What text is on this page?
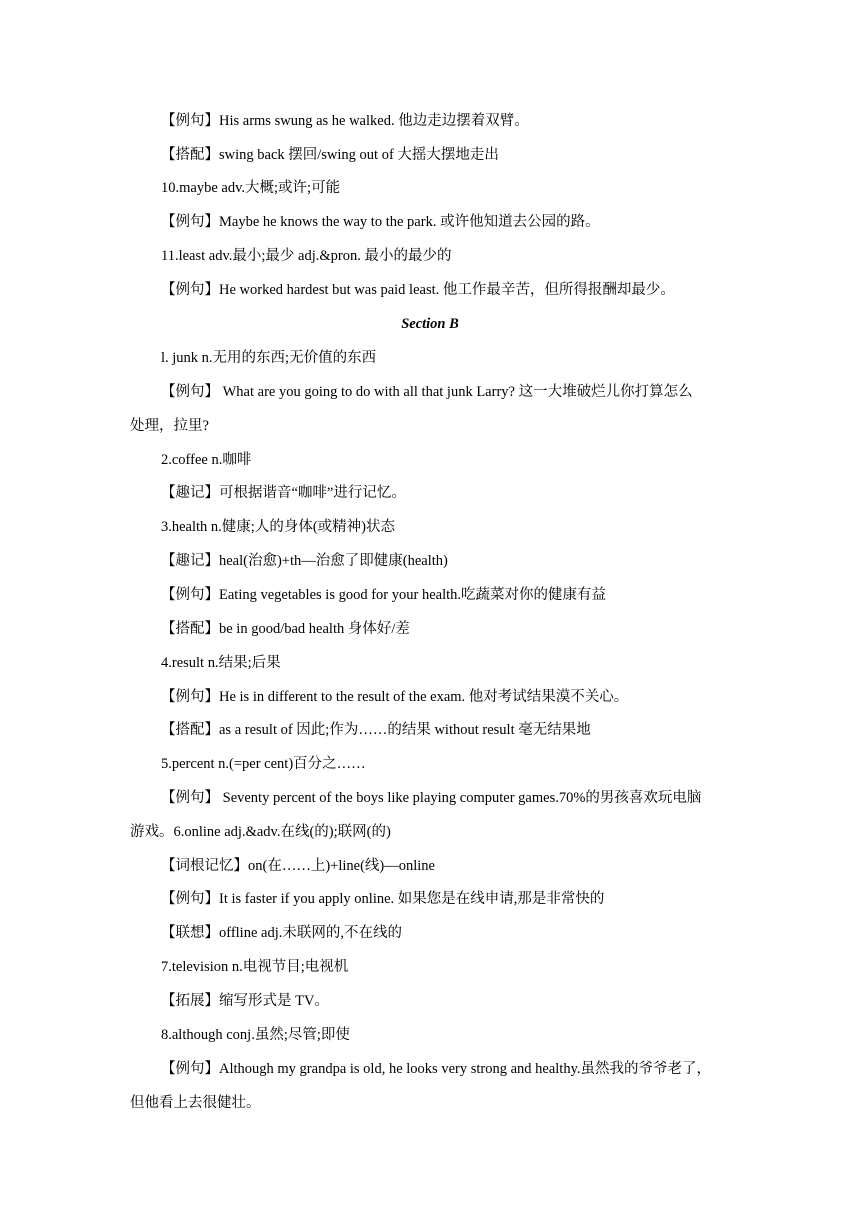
【例句】His arms swung as he walked. 他边走边摆着双臂。
【搭配】swing back 摆回/swing out of 大摇大摆地走出
10.maybe adv.大概;或许;可能
【例句】Maybe he knows the way to the park. 或许他知道去公园的路。
11.least adv.最小;最少 adj.&pron. 最小的最少的
【例句】He worked hardest but was paid least. 他工作最辛苦，但所得报酬却最少。
Section B
l. junk n.无用的东西;无价值的东西
【例句】 What are you going to do with all that junk Larry? 这一大堆破烂儿你打算怎么
处理，拉里?
2.coffee n.咖啡
【趣记】可根据谐音“咖啡”进行记忆。
3.health n.健康;人的身体(或精神)状态
【趣记】heal(治愈)+th—治愈了即健康(health)
【例句】Eating vegetables is good for your health.吃蔬菜对你的健康有益
【搭配】be in good/bad health 身体好/差
4.result n.结果;后果
【例句】He is in different to the result of the exam. 他对考试结果漠不关心。
【搭配】as a result of 因此;作为……的结果 without result 毫无结果地
5.percent n.(=per cent)百分之……
【例句】 Seventy percent of the boys like playing computer games.70%的男孩喜欢玩电脑
游戏。6.online adj.&adv.在线(的);联网(的)
【词根记忆】on(在……上)+line(线)—online
【例句】It is faster if you apply online. 如果您是在线申请,那是非常快的
【联想】offline adj.未联网的,不在线的
7.television n.电视节目;电视机
【拓展】缩写形式是 TV。
8.although conj.虽然;尽管;即使
【例句】Although my grandpa is old, he looks very strong and healthy.虽然我的爷爷老了，
但他看上去很健壮。
